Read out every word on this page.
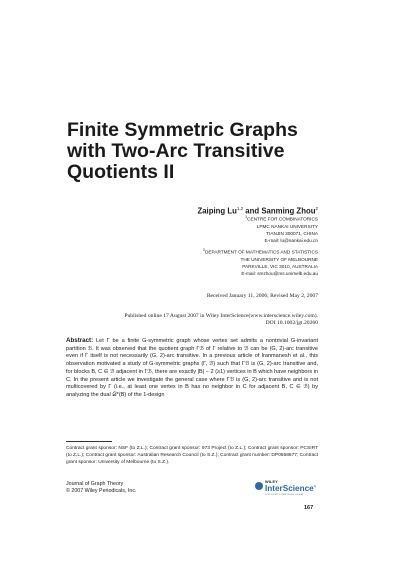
Finite Symmetric Graphs
with Two-Arc Transitive
Quotients II
Zaiping Lu$^{1,2}$ and Sanming Zhou$^2$
$^1$CENTRE FOR COMBINATORICS
LPMC NANKAI UNIVERSITY
TIANJIN 300071, CHINA
E-mail: lu@nankai.edu.cn
$^2$DEPARTMENT OF MATHEMATICS AND STATISTICS
THE UNIVERSITY OF MELBOURNE
PARKVILLE, VIC 3010, AUSTRALIA
E-mail: smzhou@ms.unimelb.edu.au
Received January 11, 2006; Revised May 2, 2007
Published online 17 August 2007 in Wiley InterScience(www.interscience.wiley.com).
DOI 10.1002/jgt.20260
Abstract: Let Γ be a finite G-symmetric graph whose vertex set admits a nontrivial G-invariant partition ℬ. It was observed that the quotient graph Γℬ of Γ relative to ℬ can be (G, 2)-arc transitive even if Γ itself is not necessarily (G, 2)-arc transitive. In a previous article of Iranmanesh et al., this observation motivated a study of G-symmetric graphs (Γ, ℬ) such that Γℬ is (G, 2)-arc transitive and, for blocks B, C ∈ ℬ adjacent in Γℬ, there are exactly |B| − 2 (≥1) vertices in B which have neighbors in C. In the present article we investigate the general case where Γℬ is (G, 2)-arc transitive and is not multicovered by Γ (i.e., at least one vertex in B has no neighbor in C for adjacent B, C ∈ ℬ) by analyzing the dual 𝒟*(B) of the 1-design
Contract grant sponsor: NSF (to Z.L.); Contract grant sponsor: 973 Project (to Z.L.); Contract grant sponsor: PCSIRT (to Z.L.); Contract grant sponsor: Australian Research Council (to S.Z.); Contract grant number: DP0558677; Contract grant sponsor: University of Melbourne (to S.Z.).
Journal of Graph Theory
© 2007 Wiley Periodicals, Inc.
WILEY
InterScience®
DISCOVER SOMETHING GREAT
167
